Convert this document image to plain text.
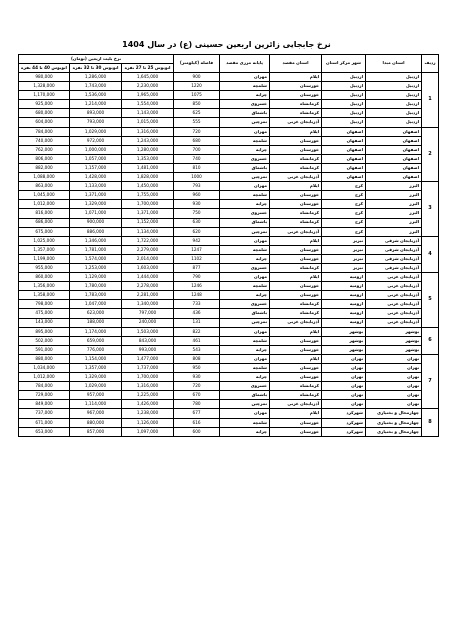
نرخ جابجایی زائرین اربعین حسینی (ع) در سال 1404
ردیف	استان مبدا	شهر مرکز استان	استان مقصد	پایانه مرزی مقصد	فاصله (کیلومتر)	نرخ بلیت اربعین (تومان)		
						اتوبوس 25 تا 27 نفره	اتوبوس 30 تا 32 نفره	اتوبوس 40 تا 44 نفره
1	اردبیل	اردبیل	ایلام	مهران	900	1,645,000	1,286,000	980,000
	اردبیل	اردبیل	خوزستان	شلمچه	1220	2,230,000	1,743,000	1,328,000
	اردبیل	اردبیل	خوزستان	چزابه	1075	1,965,000	1,536,000	1,170,000
	اردبیل	اردبیل	کرمانشاه	خسروی	850	1,554,000	1,214,000	925,000
	اردبیل	اردبیل	کرمانشاه	باشماق	625	1,143,000	893,000	680,000
	اردبیل	اردبیل	آذربایجان غربی	تمرچین	555	1,015,000	793,000	604,000
2	اصفهان	اصفهان	ایلام	مهران	720	1,316,000	1,029,000	784,000
	اصفهان	اصفهان	خوزستان	شلمچه	680	1,243,000	972,000	740,000
	اصفهان	اصفهان	خوزستان	چزابه	700	1,280,000	1,000,000	762,000
	اصفهان	اصفهان	کرمانشاه	خسروی	740	1,353,000	1,057,000	806,000
	اصفهان	اصفهان	کرمانشاه	باشماق	810	1,481,000	1,157,000	882,000
	اصفهان	اصفهان	آذربایجان غربی	تمرچین	1000	1,828,000	1,428,000	1,088,000
3	البرز	کرج	ایلام	مهران	793	1,450,000	1,133,000	863,000
	البرز	کرج	خوزستان	شلمچه	960	1,755,000	1,371,000	1,045,000
	البرز	کرج	خوزستان	چزابه	930	1,700,000	1,329,000	1,012,000
	البرز	کرج	کرمانشاه	خسروی	750	1,371,000	1,071,000	816,000
	البرز	کرج	کرمانشاه	باشماق	630	1,152,000	900,000	686,000
	البرز	کرج	آذربایجان غربی	تمرچین	620	1,134,000	886,000	675,000
4	آذربایجان شرقی	تبریز	ایلام	مهران	942	1,722,000	1,346,000	1,025,000
	آذربایجان شرقی	تبریز	خوزستان	شلمچه	1247	2,279,000	1,781,000	1,357,000
	آذربایجان شرقی	تبریز	خوزستان	چزابه	1102	2,014,000	1,574,000	1,199,000
	آذربایجان شرقی	تبریز	کرمانشاه	خسروی	877	1,603,000	1,253,000	955,000
5	آذربایجان غربی	ارومیه	ایلام	مهران	790	1,444,000	1,129,000	860,000
	آذربایجان غربی	ارومیه	خوزستان	شلمچه	1246	2,278,000	1,780,000	1,356,000
	آذربایجان غربی	ارومیه	خوزستان	چزابه	1248	2,281,000	1,783,000	1,358,000
	آذربایجان غربی	ارومیه	کرمانشاه	خسروی	733	1,340,000	1,047,000	798,000
	آذربایجان غربی	ارومیه	کرمانشاه	باشماق	436	797,000	623,000	475,000
	آذربایجان غربی	ارومیه	آذربایجان غربی	تمرچین	131	240,000	188,000	143,000
6	بوشهر	بوشهر	ایلام	مهران	822	1,503,000	1,174,000	895,000
	بوشهر	بوشهر	خوزستان	شلمچه	461	843,000	659,000	502,000
	بوشهر	بوشهر	خوزستان	چزابه	543	993,000	776,000	591,000
7	تهران	تهران	ایلام	مهران	808	1,477,000	1,154,000	880,000
	تهران	تهران	خوزستان	شلمچه	950	1,737,000	1,357,000	1,034,000
	تهران	تهران	خوزستان	چزابه	930	1,700,000	1,329,000	1,012,000
	تهران	تهران	کرمانشاه	خسروی	720	1,316,000	1,029,000	784,000
	تهران	تهران	کرمانشاه	باشماق	670	1,225,000	957,000	729,000
	تهران	تهران	آذربایجان غربی	تمرچین	780	1,426,000	1,114,000	849,000
8	چهارمحال و بختیاری	شهرکرد	ایلام	مهران	677	1,238,000	967,000	737,000
	چهارمحال و بختیاری	شهرکرد	خوزستان	شلمچه	616	1,126,000	880,000	671,000
	چهارمحال و بختیاری	شهرکرد	خوزستان	چزابه	600	1,097,000	857,000	653,000
